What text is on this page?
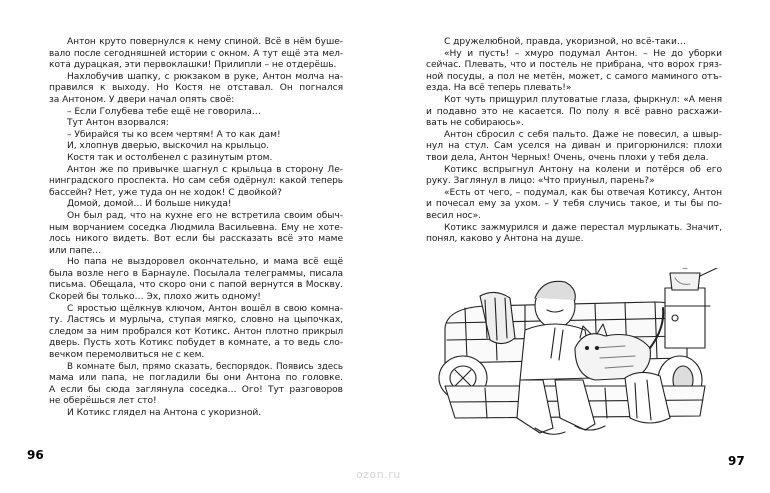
Антон круто повернулся к нему спиной. Всё в нём буше-
вало после сегодняшней истории с окном. А тут ещё эта мел-
кота дурацкая, эти первоклашки! Прилипли – не отдерёшь.
Нахлобучив шапку, с рюкзаком в руке, Антон молча на-
правился к выходу. Но Костя не отставал. Он погнался
за Антоном. У двери начал опять своё:
– Если Голубева тебе ещё не говорила…
Тут Антон взорвался:
– Убирайся ты ко всем чертям! А то как дам!
И, хлопнув дверью, выскочил на крыльцо.
Костя так и остолбенел с разинутым ртом.
Антон же по привычке шагнул с крыльца в сторону Ле-
нинградского проспекта. Но сам себя одёрнул: какой теперь
бассейн? Нет, уже туда он не ходок! С двойкой?
Домой, домой… И больше никуда!
Он был рад, что на кухне его не встретила своим обыч-
ным ворчанием соседка Людмила Васильевна. Ему не хоте-
лось никого видеть. Вот если бы рассказать всё это маме
или папе…
Но папа не выздоровел окончательно, и мама всё ещё
была возле него в Барнауле. Посылала телеграммы, писала
письма. Обещала, что скоро они с папой вернутся в Москву.
Скорей бы только… Эх, плохо жить одному!
С яростью щёлкнув ключом, Антон вошёл в свою комна-
ту. Ластясь и мурлыча, ступая мягко, словно на цыпочках,
следом за ним пробрался кот Котикс. Антон плотно прикрыл
дверь. Пусть хоть Котикс побудет в комнате, а то ведь сло-
вечком перемолвиться не с кем.
В комнате был, прямо сказать, беспорядок. Появись здесь
мама или папа, не погладили бы они Антона по головке.
А если бы сюда заглянула соседка… Ого! Тут разговоров
не оберёшься лет сто!
И Котикс глядел на Антона с укоризной.
96
С дружелюбной, правда, укоризной, но всё-таки…
«Ну и пусть! – хмуро подумал Антон. – Не до уборки
сейчас. Плевать, что и постель не прибрана, что ворох гряз-
ной посуды, а пол не метён, может, с самого маминого отъ-
езда. На всё теперь плевать!»
Кот чуть прищурил плутоватые глаза, фыркнул: «А меня
и подавно это не касается. По полу я всё равно расхажи-
вать не собираюсь».
Антон сбросил с себя пальто. Даже не повесил, а швыр-
нул на стул. Сам уселся на диван и пригорюнился: плохи
твои дела, Антон Черных! Очень, очень плохи у тебя дела.
Котикс вспрыгнул Антону на колени и потёрся об его
руку. Заглянул в лицо: «Что приуныл, парень?»
«Есть от чего, – подумал, как бы отвечая Котиксу, Антон
и почесал ему за ухом. – У тебя случись такое, и ты бы по-
весил нос».
Котикс зажмурился и даже перестал мурлыкать. Значит,
понял, каково у Антона на душе.
97
ozon.ru
